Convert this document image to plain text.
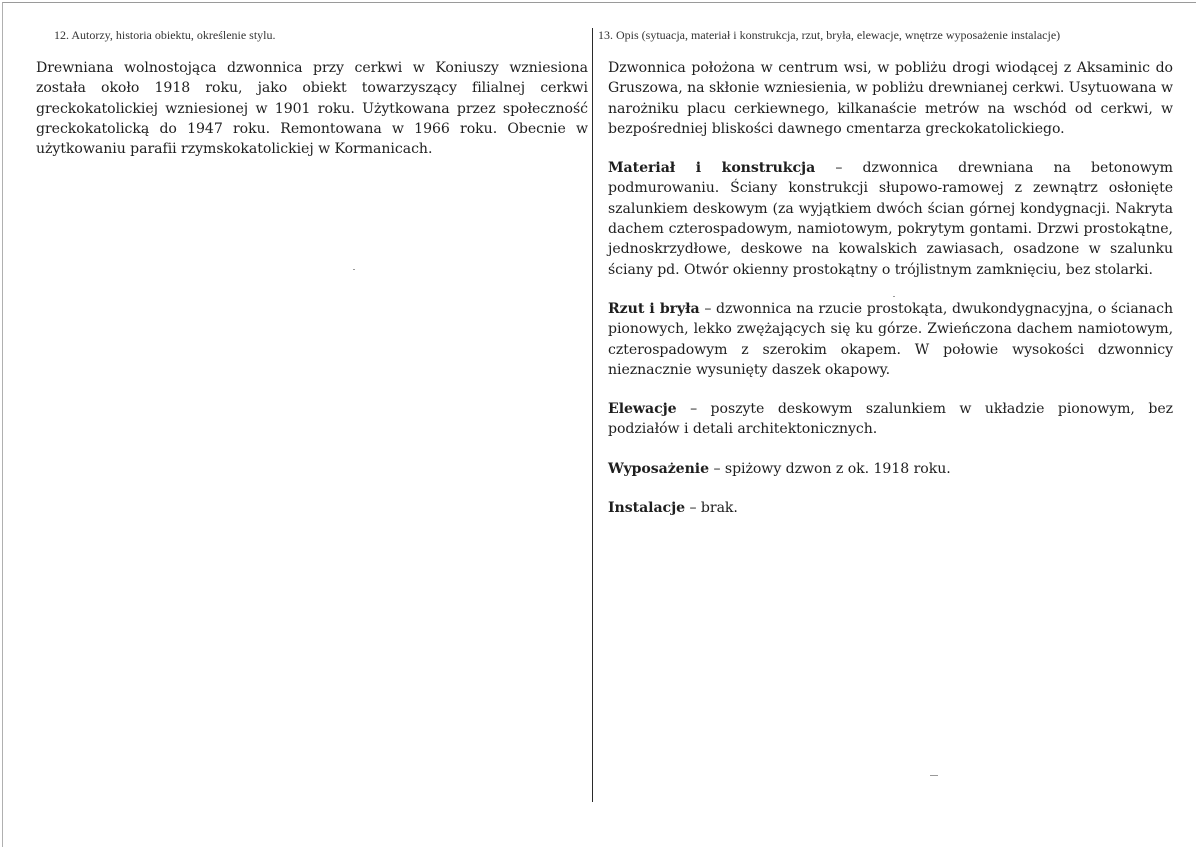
12. Autorzy, historia obiektu, określenie stylu.

Drewniana wolnostojąca dzwonnica przy cerkwi w Koniuszy wzniesiona została około 1918 roku, jako obiekt towarzyszący filialnej cerkwi greckokatolickiej wzniesionej w 1901 roku. Użytkowana przez społeczność greckokatolicką do 1947 roku. Remontowana w 1966 roku. Obecnie w użytkowaniu parafii rzymskokatolickiej w Kormanicach.

13. Opis (sytuacja, materiał i konstrukcja, rzut, bryła, elewacje, wnętrze wyposażenie instalacje)

Dzwonnica położona w centrum wsi, w pobliżu drogi wiodącej z Aksaminic do Gruszowa, na skłonie wzniesienia, w pobliżu drewnianej cerkwi. Usytuowana w narożniku placu cerkiewnego, kilkanaście metrów na wschód od cerkwi, w bezpośredniej bliskości dawnego cmentarza greckokatolickiego.

Materiał i konstrukcja – dzwonnica drewniana na betonowym podmurowaniu. Ściany konstrukcji słupowo-ramowej z zewnątrz osłonięte szalunkiem deskowym (za wyjątkiem dwóch ścian górnej kondygnacji. Nakryta dachem czterospadowym, namiotowym, pokrytym gontami. Drzwi prostokątne, jednoskrzydłowe, deskowe na kowalskich zawiasach, osadzone w szalunku ściany pd. Otwór okienny prostokątny o trójlistnym zamknięciu, bez stolarki.

Rzut i bryła – dzwonnica na rzucie prostokąta, dwukondygnacyjna, o ścianach pionowych, lekko zwężających się ku górze. Zwieńczona dachem namiotowym, czterospadowym z szerokim okapem. W połowie wysokości dzwonnicy nieznacznie wysunięty daszek okapowy.

Elewacje – poszyte deskowym szalunkiem w układzie pionowym, bez podziałów i detali architektonicznych.

Wyposażenie – spiżowy dzwon z ok. 1918 roku.

Instalacje – brak.
